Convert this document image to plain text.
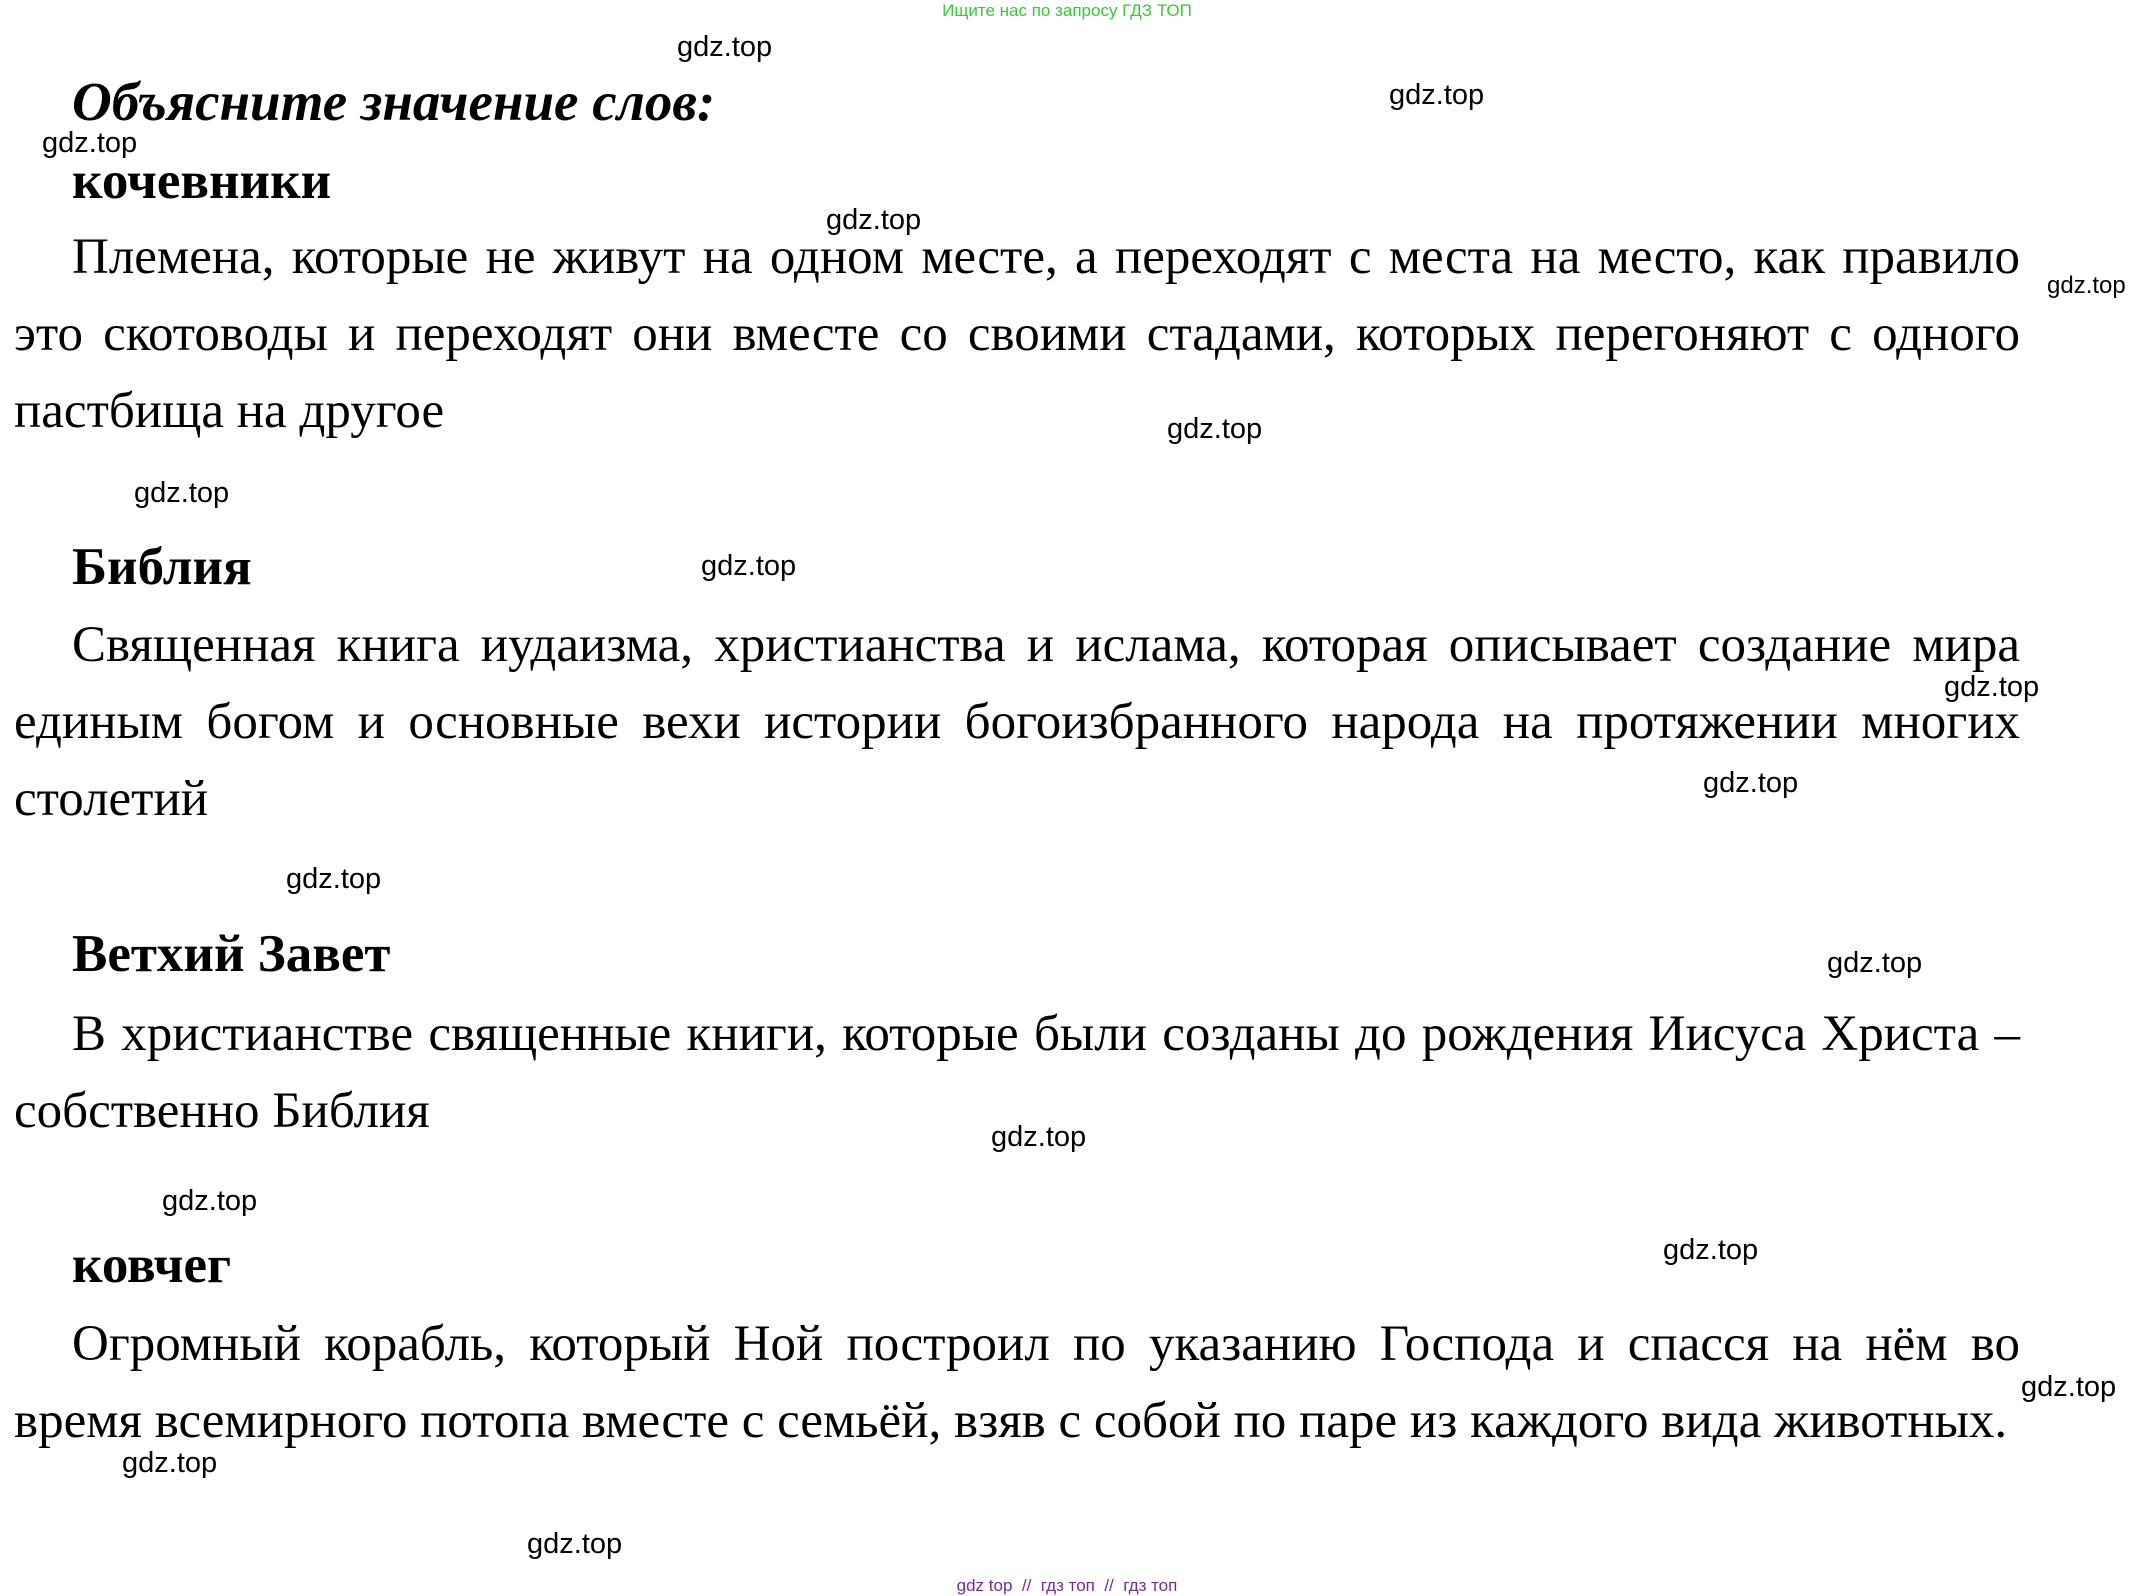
Ищите нас по запросу ГДЗ ТОП
Объясните значение слов:
кочевники

Племена, которые не живут на одном месте, а переходят с места на место, как правило это скотоводы и переходят они вместе со своими стадами, которых перегоняют с одного пастбища на другое

Библия

Священная книга иудаизма, христианства и ислама, которая описывает создание мира единым богом и основные вехи истории богоизбранного народа на протяжении многих столетий

Ветхий Завет

В христианстве священные книги, которые были созданы до рождения Иисуса Христа – собственно Библия

ковчег

Огромный корабль, который Ной построил по указанию Господа и спасся на нём во время всемирного потопа вместе с семьёй, взяв с собой по паре из каждого вида животных.

gdz.top
gdz.top
gdz.top
gdz.top
gdz.top
gdz.top
gdz.top
gdz.top
gdz.top
gdz.top
gdz.top
gdz.top
gdz.top
gdz.top
gdz.top
gdz.top
gdz.top
gdz.top
gdz top  //  гдз топ  //  гдз топ
